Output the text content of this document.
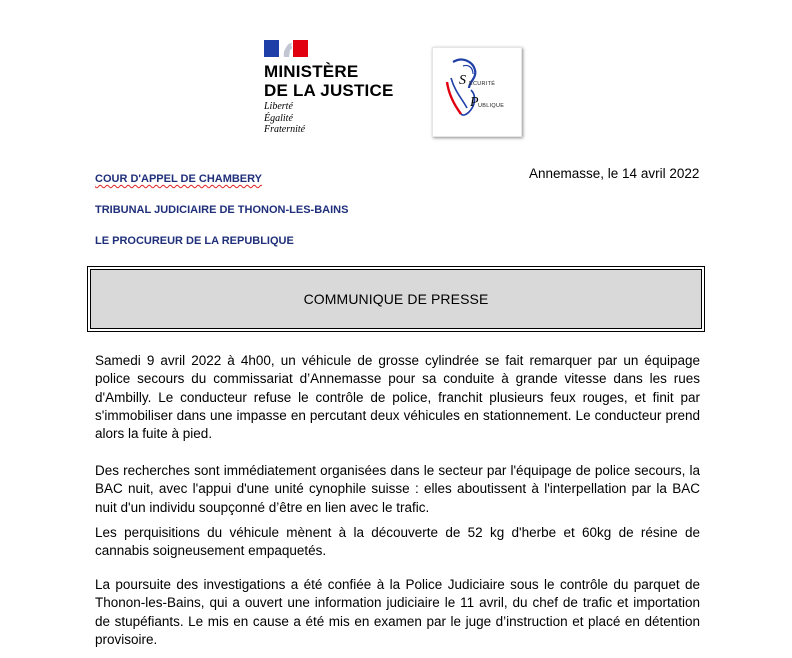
MINISTÈRE
DE LA JUSTICE
Liberté
Égalité
Fraternité
S ÉCURITÉ
P UBLIQUE
COUR D'APPEL DE CHAMBERY
TRIBUNAL JUDICIAIRE DE THONON-LES-BAINS
LE PROCUREUR DE LA REPUBLIQUE
Annemasse, le 14 avril 2022
COMMUNIQUE DE PRESSE

Samedi 9 avril 2022 à 4h00, un véhicule de grosse cylindrée se fait remarquer par un équipage police secours du commissariat d’Annemasse pour sa conduite à grande vitesse dans les rues d'Ambilly. Le conducteur refuse le contrôle de police, franchit plusieurs feux rouges, et finit par s'immobiliser dans une impasse en percutant deux véhicules en stationnement. Le conducteur prend alors la fuite à pied.

Des recherches sont immédiatement organisées dans le secteur par l'équipage de police secours, la BAC nuit, avec l'appui d'une unité cynophile suisse : elles aboutissent à l'interpellation par la BAC nuit d'un individu soupçonné d’être en lien avec le trafic.

Les perquisitions du véhicule mènent à la découverte de 52 kg d'herbe et 60kg de résine de cannabis soigneusement empaquetés.

La poursuite des investigations a été confiée à la Police Judiciaire sous le contrôle du parquet de Thonon-les-Bains, qui a ouvert une information judiciaire le 11 avril, du chef de trafic et importation de stupéfiants. Le mis en cause a été mis en examen par le juge d’instruction et placé en détention provisoire.
